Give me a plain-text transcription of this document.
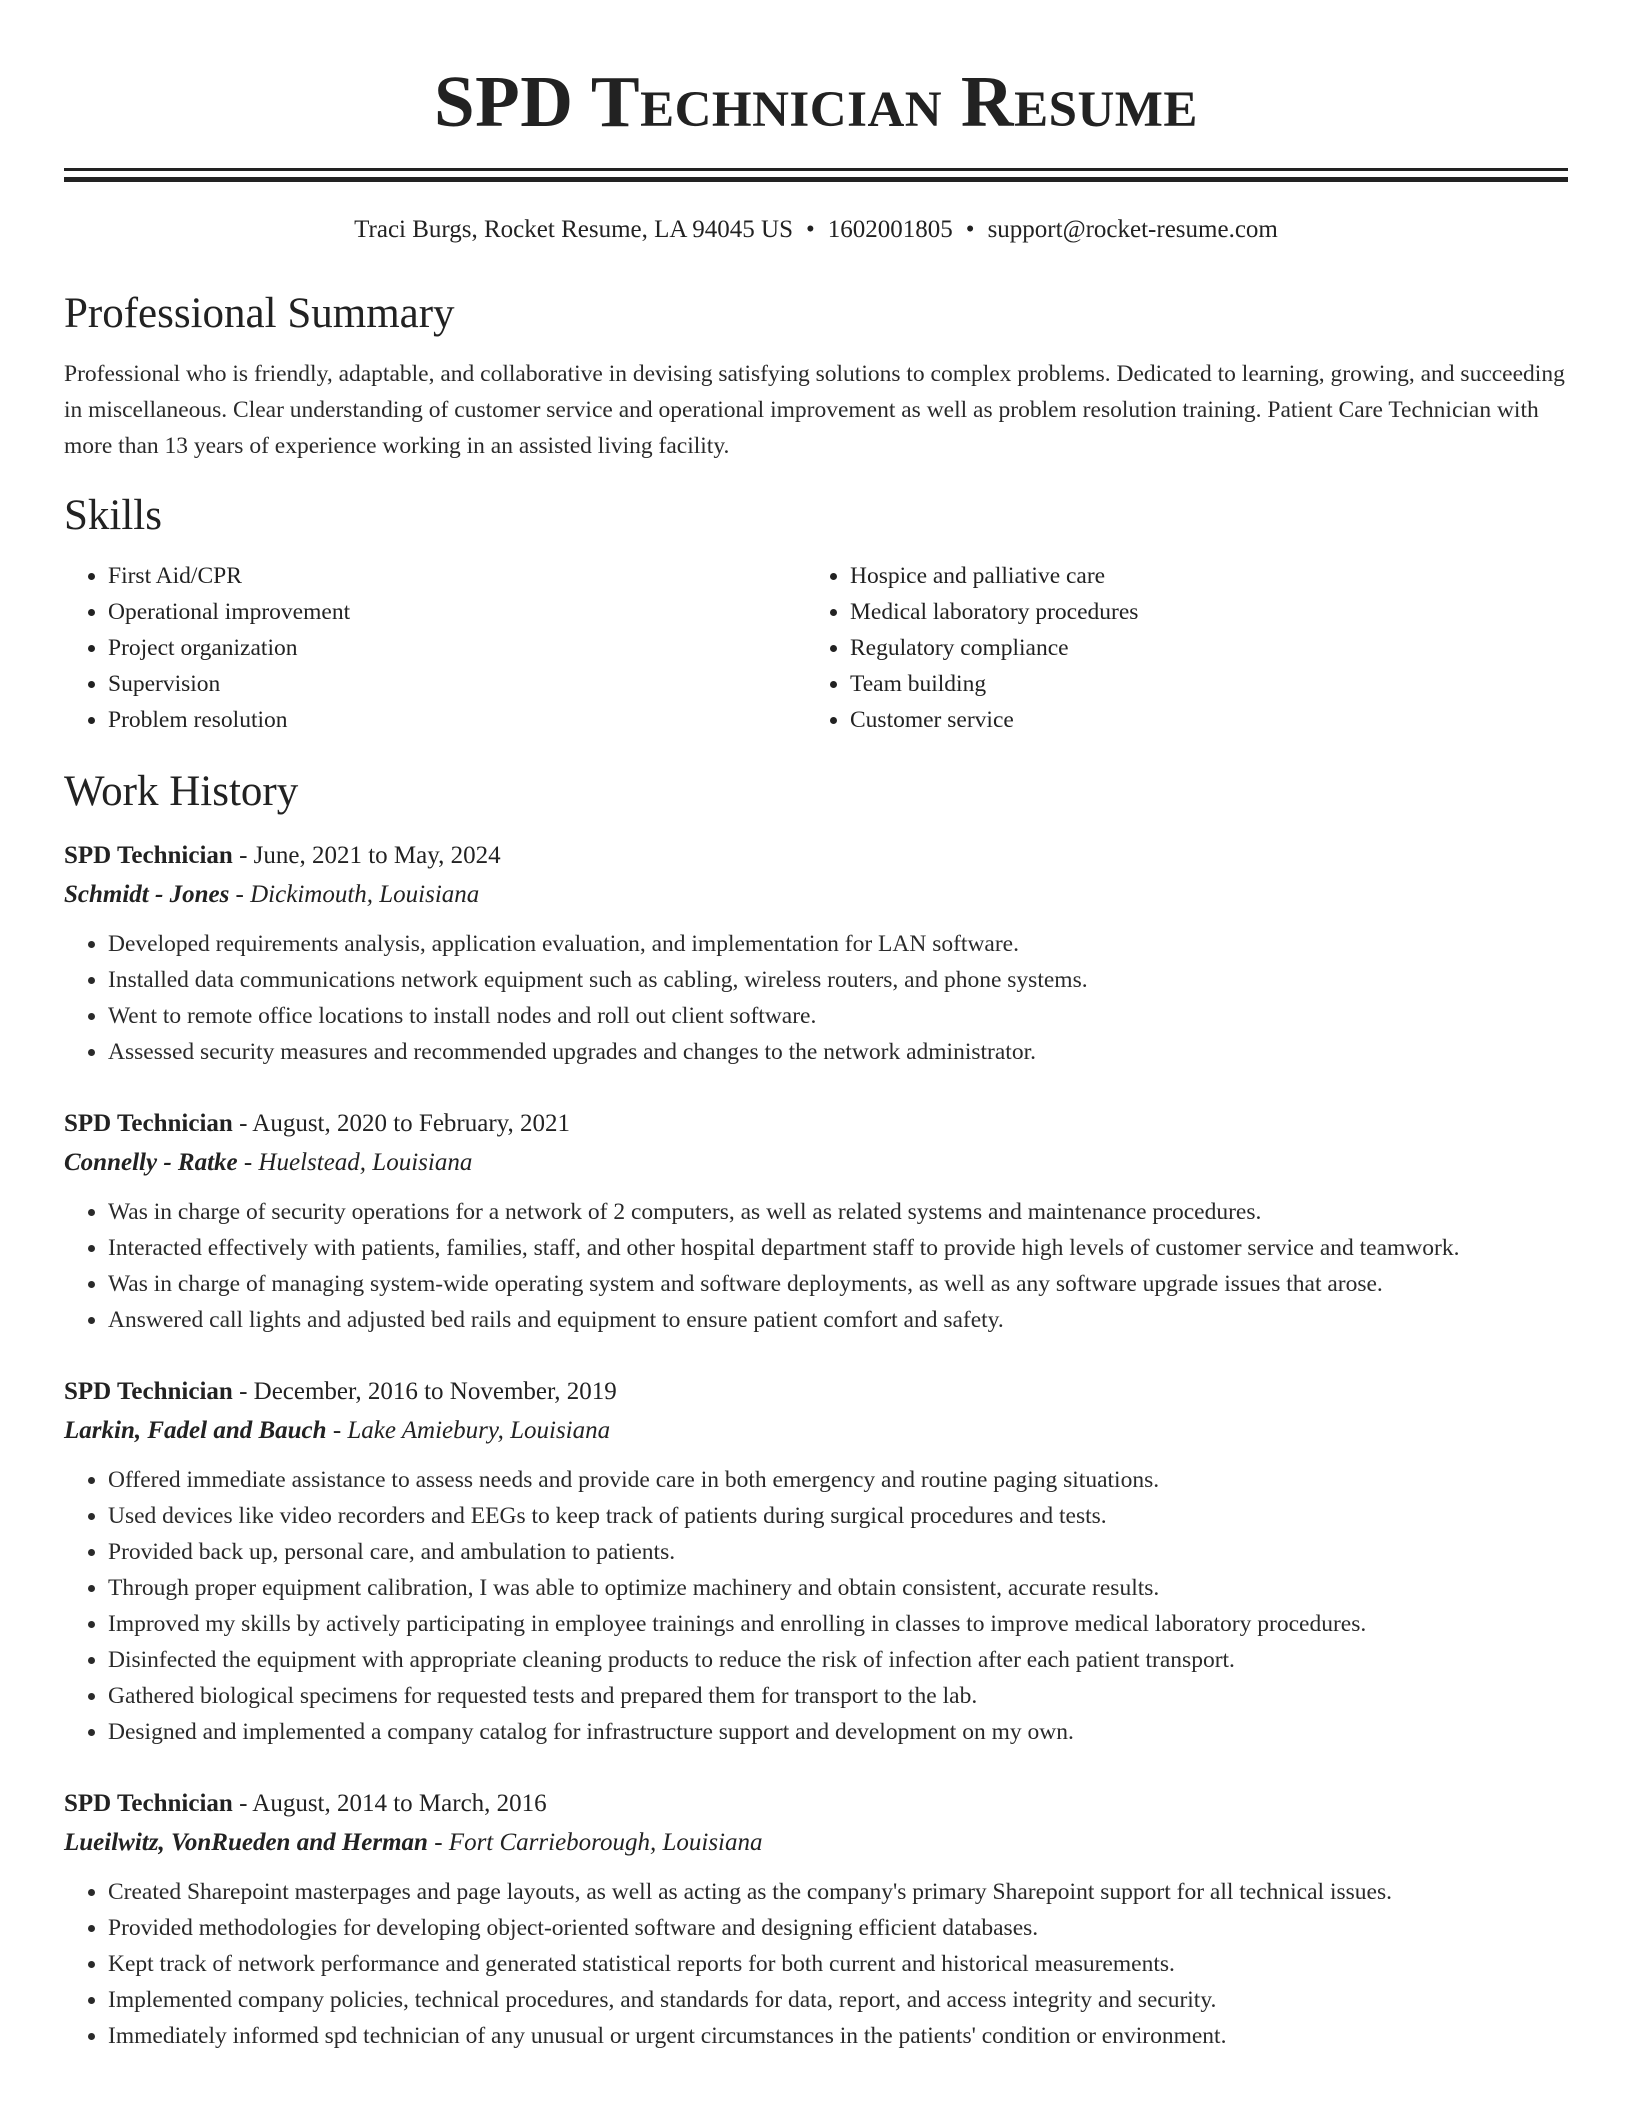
SPD Technician Resume
Traci Burgs, Rocket Resume, LA 94045 US • 1602001805 • support@rocket-resume.com
Professional Summary

Professional who is friendly, adaptable, and collaborative in devising satisfying solutions to complex problems. Dedicated to learning, growing, and succeeding in miscellaneous. Clear understanding of customer service and operational improvement as well as problem resolution training. Patient Care Technician with more than 13 years of experience working in an assisted living facility.

Skills
• First Aid/CPR
• Operational improvement
• Project organization
• Supervision
• Problem resolution
• Hospice and palliative care
• Medical laboratory procedures
• Regulatory compliance
• Team building
• Customer service
Work History
SPD Technician - June, 2021 to May, 2024
Schmidt - Jones - Dickimouth, Louisiana
• Developed requirements analysis, application evaluation, and implementation for LAN software.
• Installed data communications network equipment such as cabling, wireless routers, and phone systems.
• Went to remote office locations to install nodes and roll out client software.
• Assessed security measures and recommended upgrades and changes to the network administrator.
SPD Technician - August, 2020 to February, 2021
Connelly - Ratke - Huelstead, Louisiana
• Was in charge of security operations for a network of 2 computers, as well as related systems and maintenance procedures.
• Interacted effectively with patients, families, staff, and other hospital department staff to provide high levels of customer service and teamwork.
• Was in charge of managing system-wide operating system and software deployments, as well as any software upgrade issues that arose.
• Answered call lights and adjusted bed rails and equipment to ensure patient comfort and safety.
SPD Technician - December, 2016 to November, 2019
Larkin, Fadel and Bauch - Lake Amiebury, Louisiana
• Offered immediate assistance to assess needs and provide care in both emergency and routine paging situations.
• Used devices like video recorders and EEGs to keep track of patients during surgical procedures and tests.
• Provided back up, personal care, and ambulation to patients.
• Through proper equipment calibration, I was able to optimize machinery and obtain consistent, accurate results.
• Improved my skills by actively participating in employee trainings and enrolling in classes to improve medical laboratory procedures.
• Disinfected the equipment with appropriate cleaning products to reduce the risk of infection after each patient transport.
• Gathered biological specimens for requested tests and prepared them for transport to the lab.
• Designed and implemented a company catalog for infrastructure support and development on my own.
SPD Technician - August, 2014 to March, 2016
Lueilwitz, VonRueden and Herman - Fort Carrieborough, Louisiana
• Created Sharepoint masterpages and page layouts, as well as acting as the company's primary Sharepoint support for all technical issues.
• Provided methodologies for developing object-oriented software and designing efficient databases.
• Kept track of network performance and generated statistical reports for both current and historical measurements.
• Implemented company policies, technical procedures, and standards for data, report, and access integrity and security.
• Immediately informed spd technician of any unusual or urgent circumstances in the patients' condition or environment.
